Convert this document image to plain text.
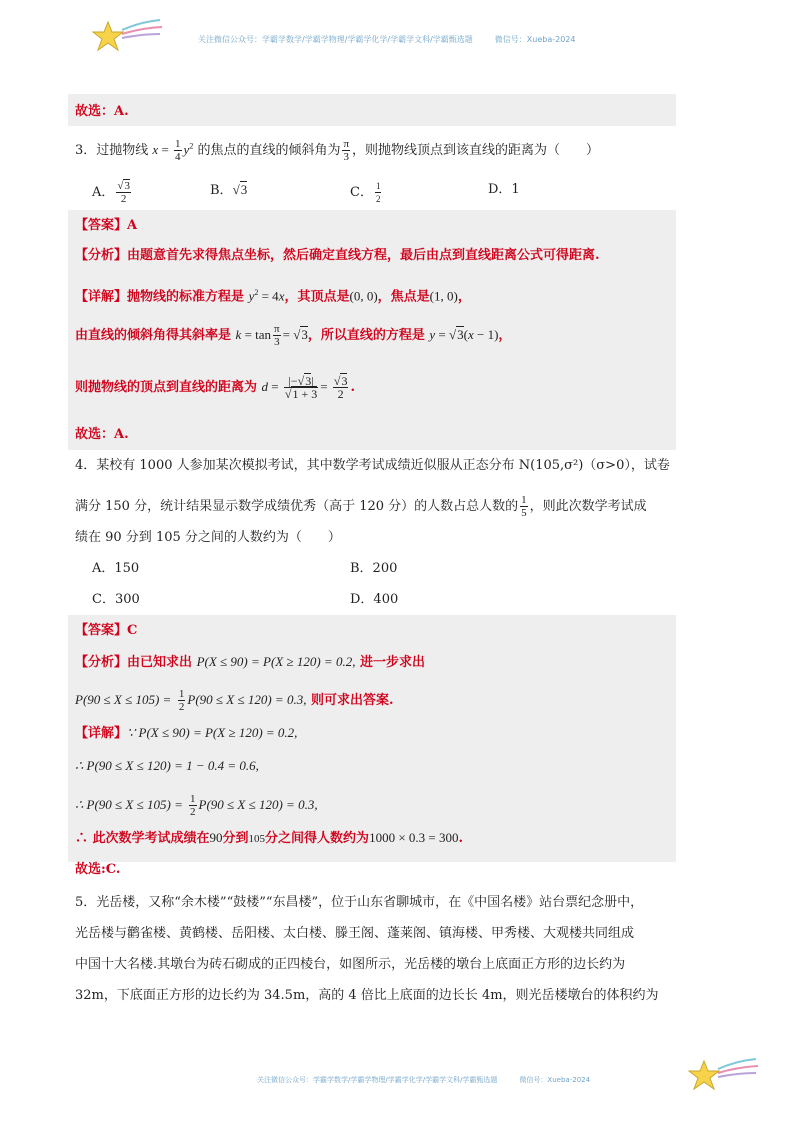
关注微信公众号：学霸学数学/学霸学物理/学霸学化学/学霸学文科/学霸甄选题	微信号：Xueba-2024
故选：A.
3．过抛物线 $x = \frac{1}{4} y^2$ 的焦点的直线的倾斜角为 $\frac{\pi}{3}$ ，则抛物线顶点到该直线的距离为（　　）
A． $\frac{√3}{2}$	B．√3	C． $\frac{1}{2}$	D．1
【答案】A
【分析】由题意首先求得焦点坐标，然后确定直线方程，最后由点到直线距离公式可得距离.
【详解】抛物线的标准方程是 $y^2 = 4x$，其顶点是(0, 0)，焦点是(1, 0)，
由直线的倾斜角得其斜率是 $k = \tan \frac{\pi}{3} = √3$，所以直线的方程是 y = √3(x − 1)，
则抛物线的顶点到直线的距离为 $d = \frac{|-√3|}{√1 + 3} = \frac{√3}{2}$ .
故选：A.
4．某校有 1000 人参加某次模拟考试，其中数学考试成绩近似服从正态分布 N(105,σ²)（σ>0），试卷
满分 150 分，统计结果显示数学成绩优秀（高于 120 分）的人数占总人数的 $\frac{1}{5}$ ，则此次数学考试成
绩在 90 分到 105 分之间的人数约为（　　）
A．150	B．200
C．300	D．400
【答案】C
【分析】由已知求出 P(X ≤ 90) = P(X ≥ 120) = 0.2, 进一步求出
$P(90 \le X \le 105) = \frac{1}{2} P(90 \le X \le 120) = 0.3$, 则可求出答案.
【详解】∵ P(X ≤ 90) = P(X ≥ 120) = 0.2,
∴ P(90 ≤ X ≤ 120) = 1 − 0.4 = 0.6,
∴ $P(90 \le X \le 105) = \frac{1}{2} P(90 \le X \le 120) = 0.3$,
∴ 此次数学考试成绩在90分到105分之间得人数约为1000 × 0.3 = 300.
故选:C.
5．光岳楼，又称“余木楼”“鼓楼”“东昌楼”，位于山东省聊城市，在《中国名楼》站台票纪念册中，
光岳楼与鹳雀楼、黄鹤楼、岳阳楼、太白楼、滕王阁、蓬莱阁、镇海楼、甲秀楼、大观楼共同组成
中国十大名楼.其墩台为砖石砌成的正四棱台，如图所示，光岳楼的墩台上底面正方形的边长约为
32m，下底面正方形的边长约为 34.5m，高的 4 倍比上底面的边长长 4m，则光岳楼墩台的体积约为
关注微信公众号：学霸学数学/学霸学物理/学霸学化学/学霸学文科/学霸甄选题	微信号：Xueba-2024
